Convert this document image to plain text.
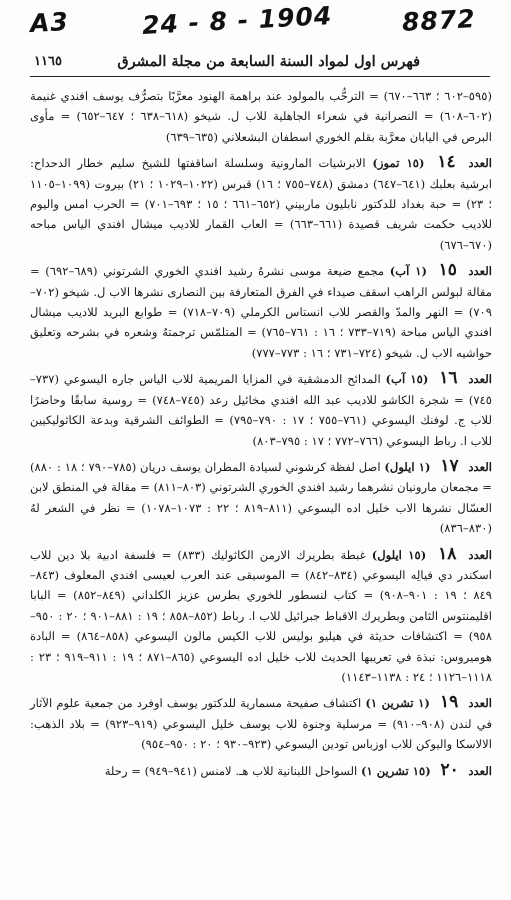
A3	24 - 8 - 1904	8872
فهرس اول لمواد السنة السابعة من مجلة المشرق
١١٦٥

(٥٩٥–٦٠٢ ؛ ٦٦٣–٦٧٠) = الترحُّب بالمولود عند براهمة الهنود معرَّبًا بتصرُّف يوسف افندي غنيمة (٦٠٢–٦٠٨) = النصرانية في شعراء الجاهلية للاب ل. شيخو (٦١٨–٦٣٨ ؛ ٦٤٧–٦٥٢) = مأوى البرص في اليابان معرَّبة بقلم الخوري اسطفان البشعلاني (٦٣٥–٦٣٩)

العدد ١٤ (١٥ تموز) الابرشيات المارونية وسلسلة اساقفتها للشيخ سليم خطار الدحداح: ابرشية بعلبك (٦٤١–٦٤٧) دمشق (٧٤٨–٧٥٥ ؛ ١٦) قبرس (١٠٢٢–١٠٢٩ ؛ ٢١) بيروت (١٠٩٩–١١٠٥ ؛ ٢٣) = حبة بغداد للدكتور نابليون ماربيني (٦٥٢–٦٦١ ؛ ١٥ ؛ ٦٩٣–٧٠١) = الحرب امس واليوم للاديب حكمت شريف قصيدة (٦٦١–٦٦٣) = العاب القمار للاديب ميشال افندي الياس مباحه (٦٧٠–٦٧٦)

العدد ١٥ (١ آب) مجمع ضيعة موسى نشرهُ رشيد افندي الخوري الشرتوني (٦٨٩–٦٩٢) = مقالة لبولس الراهب اسقف صيداء في الفرق المتعارفة بين النصارى نشرها الاب ل. شيخو (٧٠٢–٧٠٩) = النهر والمدّ والقصر للاب انستاس الكرملي (٧٠٩–٧١٨) = طوابع البريد للاديب ميشال افندي الياس مباحة (٧١٩–٧٣٣ ؛ ١٦ : ٧٦١–٧٦٥) = المتلمّس ترجمتهُ وشعره في بشرحه وتعليق حواشيه الاب ل. شيخو (٧٢٤–٧٣١ ؛ ١٦ : ٧٧٣–٧٧٧)

العدد ١٦ (١٥ آب) المدائح الدمشقية في المزايا المريمية للاب الياس جاره اليسوعي (٧٣٧–٧٤٥) = شجرة الكاشو للاديب عبد الله افندي مخائيل رعد (٧٤٥–٧٤٨) = روسية سابقًا وحاضرًا للاب ج. لوفنك اليسوعي (٧٦١–٧٥٥ ؛ ١٧ : ٧٩٠–٧٩٥) = الطوائف الشرقية وبدعة الكاثوليكيين للاب ا. رباط اليسوعي (٧٦٦–٧٧٢ ؛ ١٧ : ٧٩٥–٨٠٣)

العدد ١٧ (١ ايلول) اصل لفظة كرشوني لسيادة المطران يوسف دريان (٧٨٥–٧٩٠ ؛ ١٨ : ٨٨٠) = مجمعان مارونيان نشرهما رشيد افندي الخوري الشرتوني (٨٠٣–٨١١) = مقالة في المنطق لابن العسّال نشرها الاب خليل اده اليسوعي (٨١١–٨١٩ ؛ ٢٢ : ١٠٧٣–١٠٧٨) = نظر في الشعر لهُ (٨٣٠–٨٣٦)

العدد ١٨ (١٥ ايلول) غبطة بطريرك الارمن الكاثوليك (٨٣٣) = فلسفة ادبية بلا دين للاب اسكندر دي فيالِه اليسوعي (٨٣٤–٨٤٢) = الموسيقى عند العرب لعيسى افندي المعلوف (٨٤٣–٨٤٩ ؛ ١٩ : ٩٠١–٩٠٨) = كتاب لنسطور للخوري بطرس عزيز الكلداني (٨٤٩–٨٥٢) = البابا اقليمنتوس الثامن وبطريرك الاقباط جبرائيل للاب ا. رباط (٨٥٢–٨٥٨ ؛ ١٩ : ٨٨١–٩٠١ ؛ ٢٠ : ٩٥٠–٩٥٨) = اكتشافات حديثة في هيليو بوليس للاب الكيس مالون اليسوعي (٨٥٨–٨٦٤) = البادة هوميروس: نبذة في تعريبها الحديث للاب خليل اده اليسوعي (٨٦٥–٨٧١ ؛ ١٩ : ٩١١–٩١٩ ؛ ٢٣ : ١١١٨–١١٢٦ ؛ ٢٤ : ١١٣٨–١١٤٣)

العدد ١٩ (١ تشرين ١) اكتشاف صفيحة مسمارية للدكتور يوسف اوفرد من جمعية علوم الآثار في لندن (٩٠٨–٩١٠) = مرسلية وجنوة للاب يوسف خليل اليسوعي (٩١٩–٩٢٣) = بلاد الذهب: الالاسكا واليوكن للاب اوزباس تودين اليسوعي (٩٢٣–٩٣٠ ؛ ٢٠ : ٩٥٠–٩٥٤)

العدد ٢٠ (١٥ تشرين ١) السواحل اللبنانية للاب هـ. لامنس (٩٤١–٩٤٩) = رحلة
